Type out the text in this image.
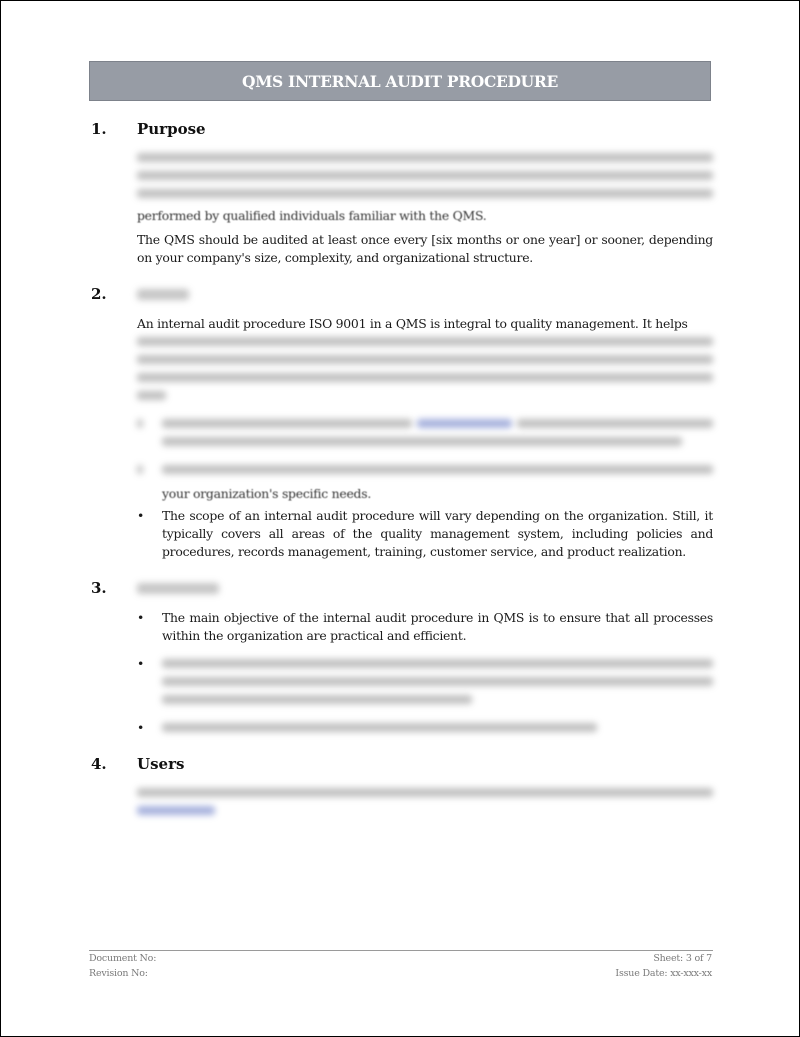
QMS INTERNAL AUDIT PROCEDURE
1. Purpose
performed by qualified individuals familiar with the QMS.
The QMS should be audited at least once every [six months or one year] or sooner, depending on your company's size, complexity, and organizational structure.
2.
An internal audit procedure ISO 9001 in a QMS is integral to quality management. It helps
your organization's specific needs.
• The scope of an internal audit procedure will vary depending on the organization. Still, it typically covers all areas of the quality management system, including policies and procedures, records management, training, customer service, and product realization.
3.
• The main objective of the internal audit procedure in QMS is to ensure that all processes within the organization are practical and efficient.
•
•
4. Users
Document No:
Revision No:
Sheet: 3 of 7
Issue Date: xx-xxx-xx
